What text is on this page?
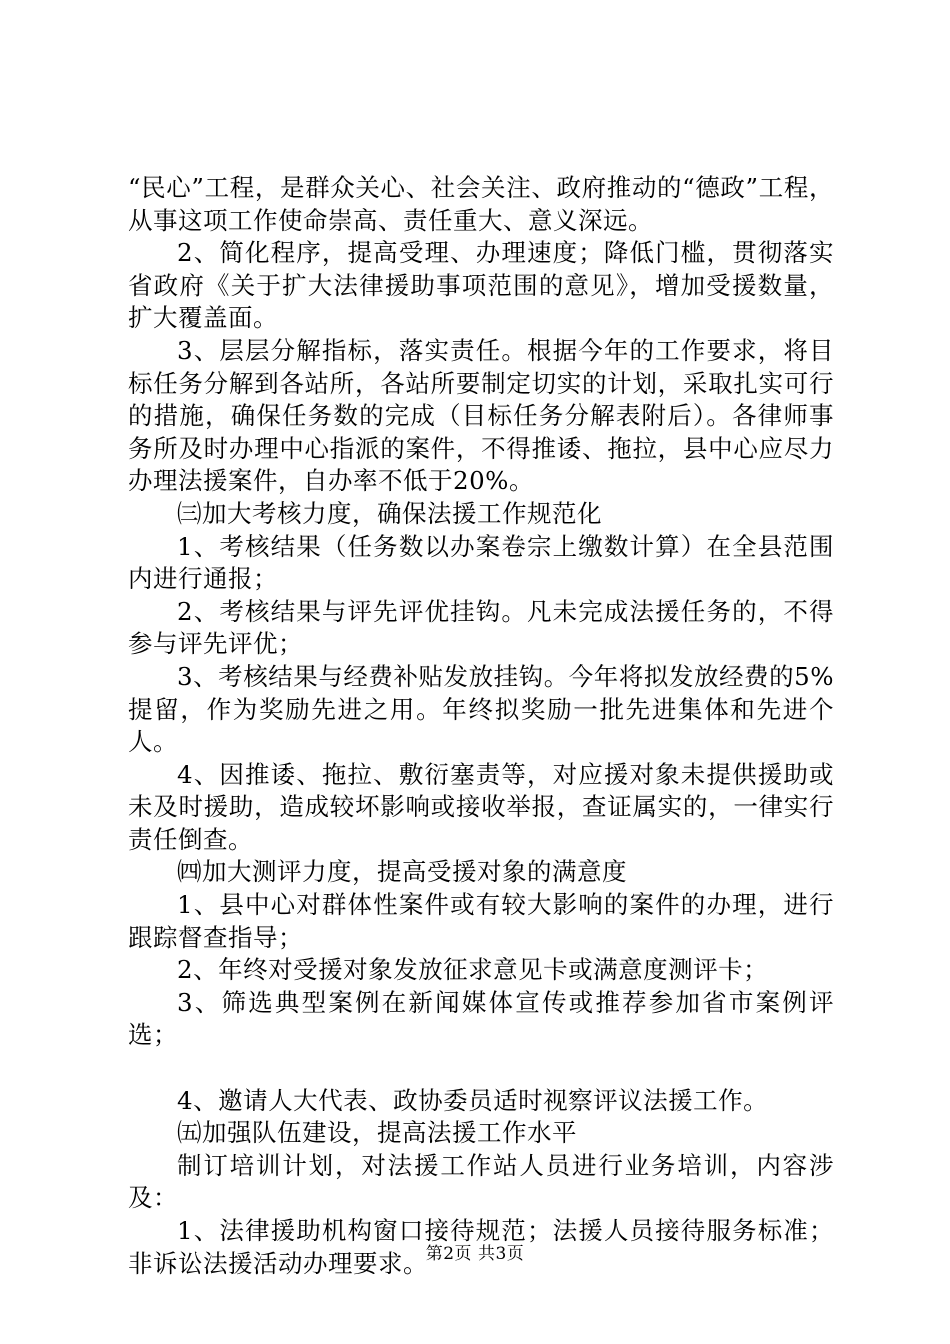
“民心”工程，是群众关心、社会关注、政府推动的“德政”工程，从事这项工作使命崇高、责任重大、意义深远。

2、简化程序，提高受理、办理速度；降低门槛，贯彻落实省政府《关于扩大法律援助事项范围的意见》，增加受援数量，扩大覆盖面。

3、层层分解指标，落实责任。根据今年的工作要求，将目标任务分解到各站所，各站所要制定切实的计划，采取扎实可行的措施，确保任务数的完成（目标任务分解表附后）。各律师事务所及时办理中心指派的案件，不得推诿、拖拉，县中心应尽力办理法援案件，自办率不低于20%。

㈢加大考核力度，确保法援工作规范化

1、考核结果（任务数以办案卷宗上缴数计算）在全县范围内进行通报；

2、考核结果与评先评优挂钩。凡未完成法援任务的，不得参与评先评优；

3、考核结果与经费补贴发放挂钩。今年将拟发放经费的5%提留，作为奖励先进之用。年终拟奖励一批先进集体和先进个人。

4、因推诿、拖拉、敷衍塞责等，对应援对象未提供援助或未及时援助，造成较坏影响或接收举报，查证属实的，一律实行责任倒查。

㈣加大测评力度，提高受援对象的满意度

1、县中心对群体性案件或有较大影响的案件的办理，进行跟踪督查指导；

2、年终对受援对象发放征求意见卡或满意度测评卡；

3、筛选典型案例在新闻媒体宣传或推荐参加省市案例评选；

4、邀请人大代表、政协委员适时视察评议法援工作。

㈤加强队伍建设，提高法援工作水平

制订培训计划，对法援工作站人员进行业务培训，内容涉及：

1、法律援助机构窗口接待规范；法援人员接待服务标准；非诉讼法援活动办理要求。

第2页 共3页
